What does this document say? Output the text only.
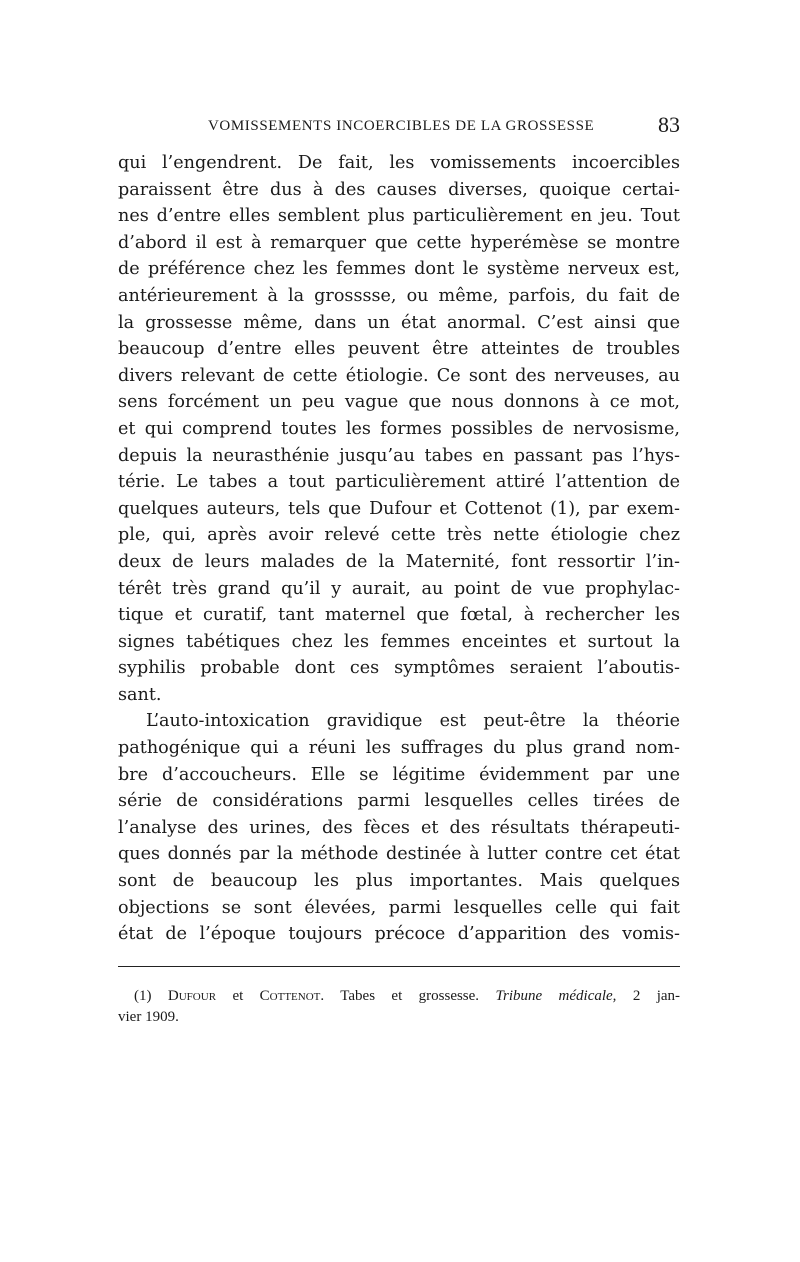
VOMISSEMENTS INCOERCIBLES DE LA GROSSESSE	83
qui l’engendrent. De fait, les vomissements incoercibles
paraissent être dus à des causes diverses, quoique certai-
nes d’entre elles semblent plus particulièrement en jeu. Tout
d’abord il est à remarquer que cette hyperémèse se montre
de préférence chez les femmes dont le système nerveux est,
antérieurement à la grosssse, ou même, parfois, du fait de
la grossesse même, dans un état anormal. C’est ainsi que
beaucoup d’entre elles peuvent être atteintes de troubles
divers relevant de cette étiologie. Ce sont des nerveuses, au
sens forcément un peu vague que nous donnons à ce mot,
et qui comprend toutes les formes possibles de nervosisme,
depuis la neurasthénie jusqu’au tabes en passant pas l’hys-
térie. Le tabes a tout particulièrement attiré l’attention de
quelques auteurs, tels que Dufour et Cottenot (1), par exem-
ple, qui, après avoir relevé cette très nette étiologie chez
deux de leurs malades de la Maternité, font ressortir l’in-
térêt très grand qu’il y aurait, au point de vue prophylac-
tique et curatif, tant maternel que fœtal, à rechercher les
signes tabétiques chez les femmes enceintes et surtout la
syphilis probable dont ces symptômes seraient l’aboutis-
sant.
L’auto-intoxication gravidique est peut-être la théorie
pathogénique qui a réuni les suffrages du plus grand nom-
bre d’accoucheurs. Elle se légitime évidemment par une
série de considérations parmi lesquelles celles tirées de
l’analyse des urines, des fèces et des résultats thérapeuti-
ques donnés par la méthode destinée à lutter contre cet état
sont de beaucoup les plus importantes. Mais quelques
objections se sont élevées, parmi lesquelles celle qui fait
état de l’époque toujours précoce d’apparition des vomis-
(1) Dufour et Cottenot. Tabes et grossesse. Tribune médicale, 2 jan-
vier 1909.
